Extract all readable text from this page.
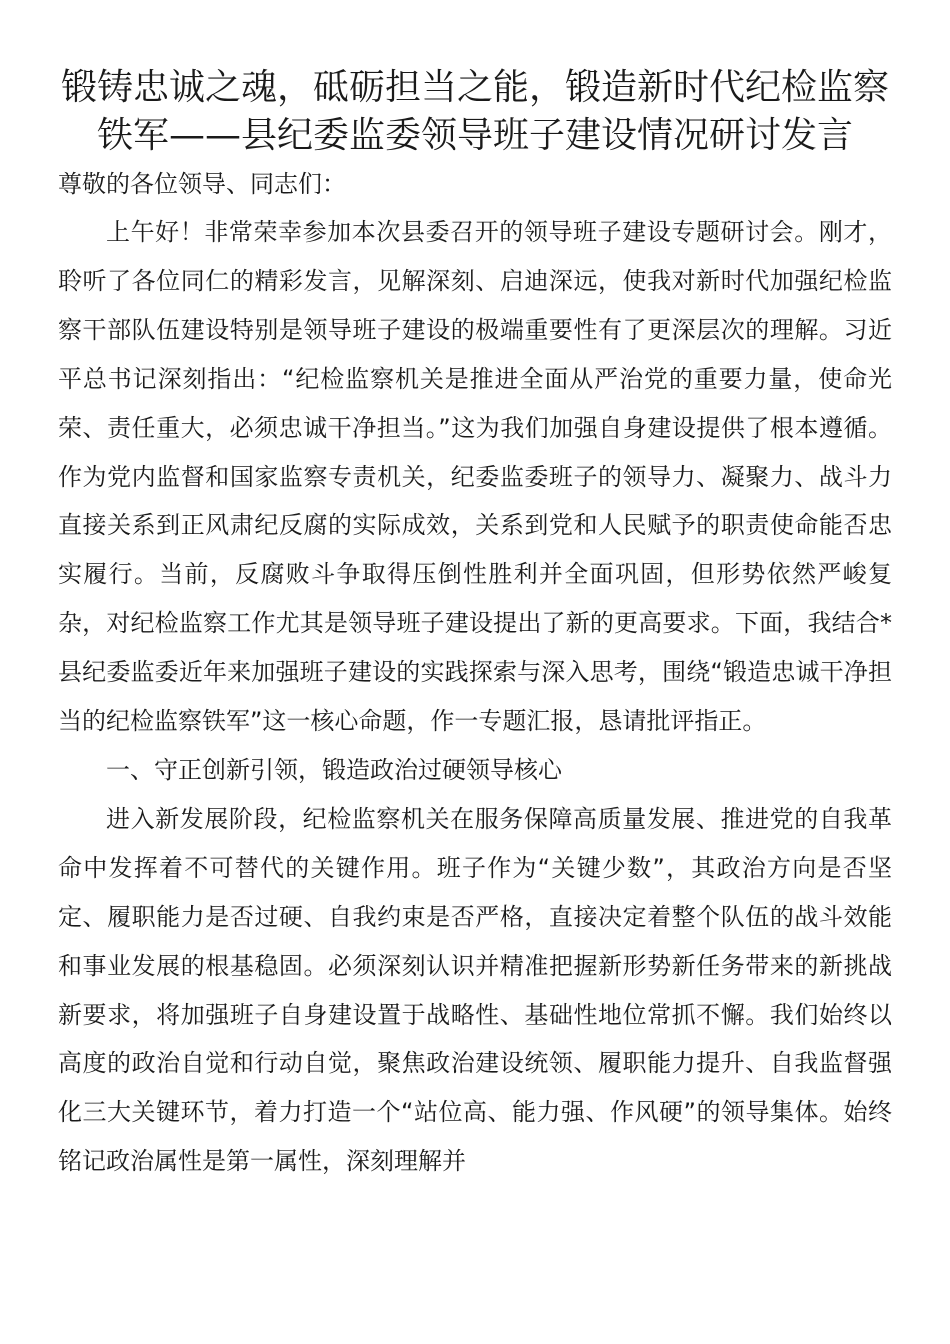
锻铸忠诚之魂，砥砺担当之能，锻造新时代纪检监察铁军——县纪委监委领导班子建设情况研讨发言

尊敬的各位领导、同志们：

上午好！非常荣幸参加本次县委召开的领导班子建设专题研讨会。刚才，聆听了各位同仁的精彩发言，见解深刻、启迪深远，使我对新时代加强纪检监察干部队伍建设特别是领导班子建设的极端重要性有了更深层次的理解。习近平总书记深刻指出：“纪检监察机关是推进全面从严治党的重要力量，使命光荣、责任重大，必须忠诚干净担当。”这为我们加强自身建设提供了根本遵循。作为党内监督和国家监察专责机关，纪委监委班子的领导力、凝聚力、战斗力直接关系到正风肃纪反腐的实际成效，关系到党和人民赋予的职责使命能否忠实履行。当前，反腐败斗争取得压倒性胜利并全面巩固，但形势依然严峻复杂，对纪检监察工作尤其是领导班子建设提出了新的更高要求。下面，我结合*县纪委监委近年来加强班子建设的实践探索与深入思考，围绕“锻造忠诚干净担当的纪检监察铁军”这一核心命题，作一专题汇报，恳请批评指正。

一、守正创新引领，锻造政治过硬领导核心

进入新发展阶段，纪检监察机关在服务保障高质量发展、推进党的自我革命中发挥着不可替代的关键作用。班子作为“关键少数”，其政治方向是否坚定、履职能力是否过硬、自我约束是否严格，直接决定着整个队伍的战斗效能和事业发展的根基稳固。必须深刻认识并精准把握新形势新任务带来的新挑战新要求，将加强班子自身建设置于战略性、基础性地位常抓不懈。我们始终以高度的政治自觉和行动自觉，聚焦政治建设统领、履职能力提升、自我监督强化三大关键环节，着力打造一个“站位高、能力强、作风硬”的领导集体。始终铭记政治属性是第一属性，深刻理解并
